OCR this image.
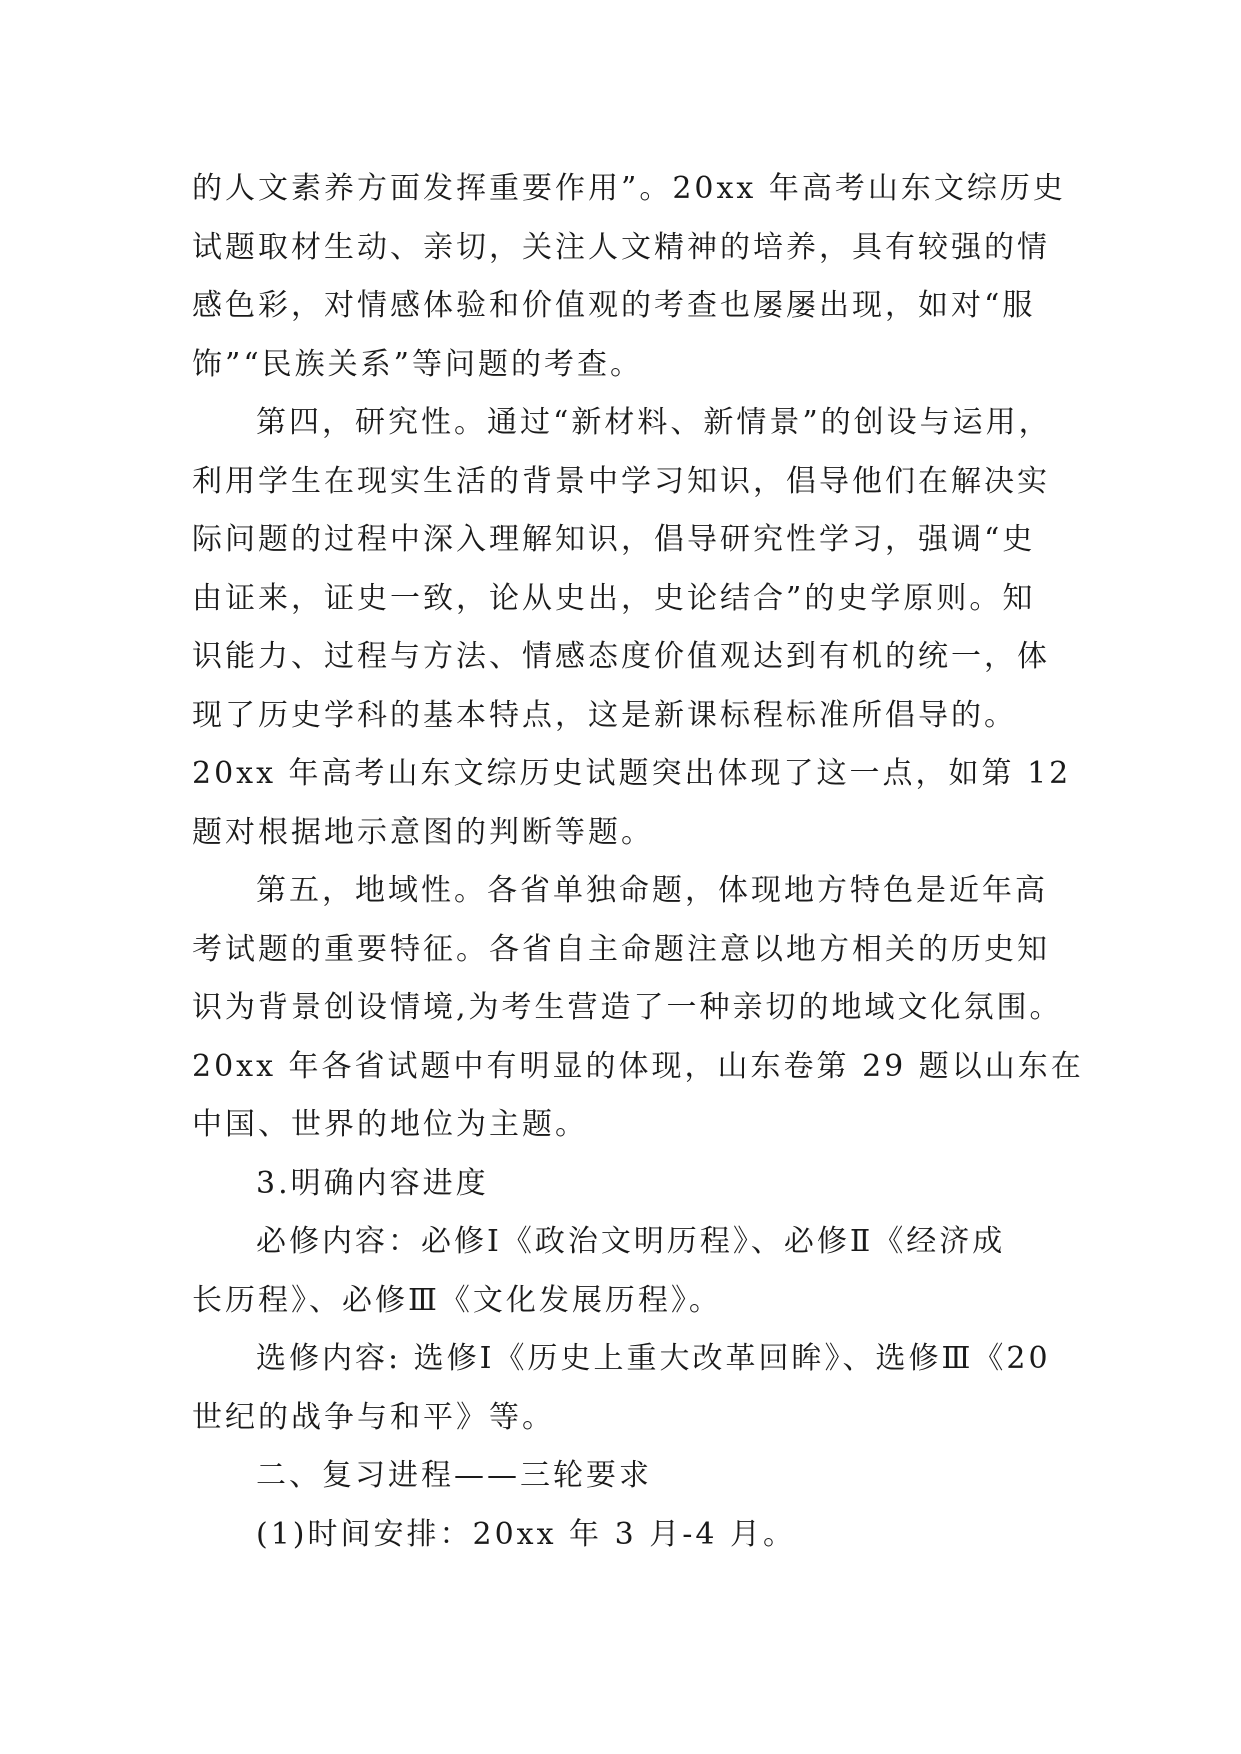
的人文素养方面发挥重要作用”。20xx 年高考山东文综历史
试题取材生动、亲切，关注人文精神的培养，具有较强的情
感色彩，对情感体验和价值观的考查也屡屡出现，如对“服
饰”“民族关系”等问题的考查。
第四，研究性。通过“新材料、新情景”的创设与运用，
利用学生在现实生活的背景中学习知识，倡导他们在解决实
际问题的过程中深入理解知识，倡导研究性学习，强调“史
由证来，证史一致，论从史出，史论结合”的史学原则。知
识能力、过程与方法、情感态度价值观达到有机的统一，体
现了历史学科的基本特点，这是新课标程标准所倡导的。
20xx 年高考山东文综历史试题突出体现了这一点，如第 12
题对根据地示意图的判断等题。
第五，地域性。各省单独命题，体现地方特色是近年高
考试题的重要特征。各省自主命题注意以地方相关的历史知
识为背景创设情境,为考生营造了一种亲切的地域文化氛围。
20xx 年各省试题中有明显的体现，山东卷第 29 题以山东在
中国、世界的地位为主题。
3.明确内容进度
必修内容：必修Ⅰ《政治文明历程》、必修Ⅱ《经济成
长历程》、必修Ⅲ《文化发展历程》。
选修内容: 选修Ⅰ《历史上重大改革回眸》、选修Ⅲ《20
世纪的战争与和平》等。
二、复习进程——三轮要求
(1)时间安排：20xx 年 3 月-4 月。
